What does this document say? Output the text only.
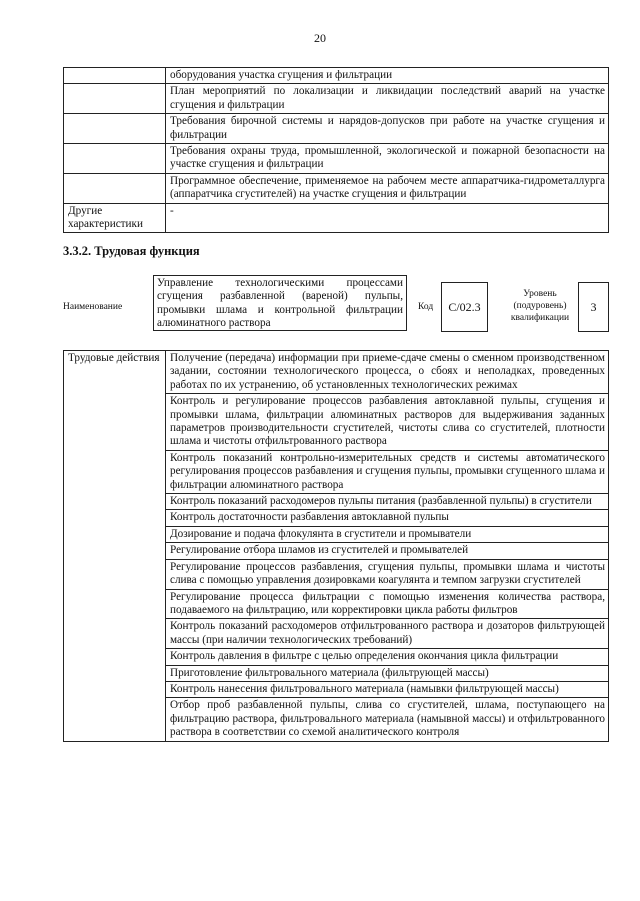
20
	оборудования участка сгущения и фильтрации
	План мероприятий по локализации и ликвидации последствий аварий на участке сгущения и фильтрации
	Требования бирочной системы и нарядов-допусков при работе на участке сгущения и фильтрации
	Требования охраны труда, промышленной, экологической и пожарной безопасности на участке сгущения и фильтрации
	Программное обеспечение, применяемое на рабочем месте аппаратчика-гидрометаллурга (аппаратчика сгустителей) на участке сгущения и фильтрации
Другие характеристики	-
3.3.2. Трудовая функция
Наименование
Управление технологическими процессами сгущения разбавленной (вареной) пульпы, промывки шлама и контрольной фильтрации алюминатного раствора
Код	C/02.3
Уровень (подуровень) квалификации
3
Трудовые действия	Получение (передача) информации при приеме-сдаче смены о сменном производственном задании, состоянии технологического процесса, о сбоях и неполадках, проведенных работах по их устранению, об установленных технологических режимах
Контроль и регулирование процессов разбавления автоклавной пульпы, сгущения и промывки шлама, фильтрации алюминатных растворов для выдерживания заданных параметров производительности сгустителей, чистоты слива со сгустителей, плотности шлама и чистоты отфильтрованного раствора
Контроль показаний контрольно-измерительных средств и системы автоматического регулирования процессов разбавления и сгущения пульпы, промывки сгущенного шлама и фильтрации алюминатного раствора
Контроль показаний расходомеров пульпы питания (разбавленной пульпы) в сгустители
Контроль достаточности разбавления автоклавной пульпы
Дозирование и подача флокулянта в сгустители и промыватели
Регулирование отбора шламов из сгустителей и промывателей
Регулирование процессов разбавления, сгущения пульпы, промывки шлама и чистоты слива с помощью управления дозировками коагулянта и темпом загрузки сгустителей
Регулирование процесса фильтрации с помощью изменения количества раствора, подаваемого на фильтрацию, или корректировки цикла работы фильтров
Контроль показаний расходомеров отфильтрованного раствора и дозаторов фильтрующей массы (при наличии технологических требований)
Контроль давления в фильтре с целью определения окончания цикла фильтрации
Приготовление фильтровального материала (фильтрующей массы)
Контроль нанесения фильтровального материала (намывки фильтрующей массы)
Отбор проб разбавленной пульпы, слива со сгустителей, шлама, поступающего на фильтрацию раствора, фильтровального материала (намывной массы) и отфильтрованного раствора в соответствии со схемой аналитического контроля
